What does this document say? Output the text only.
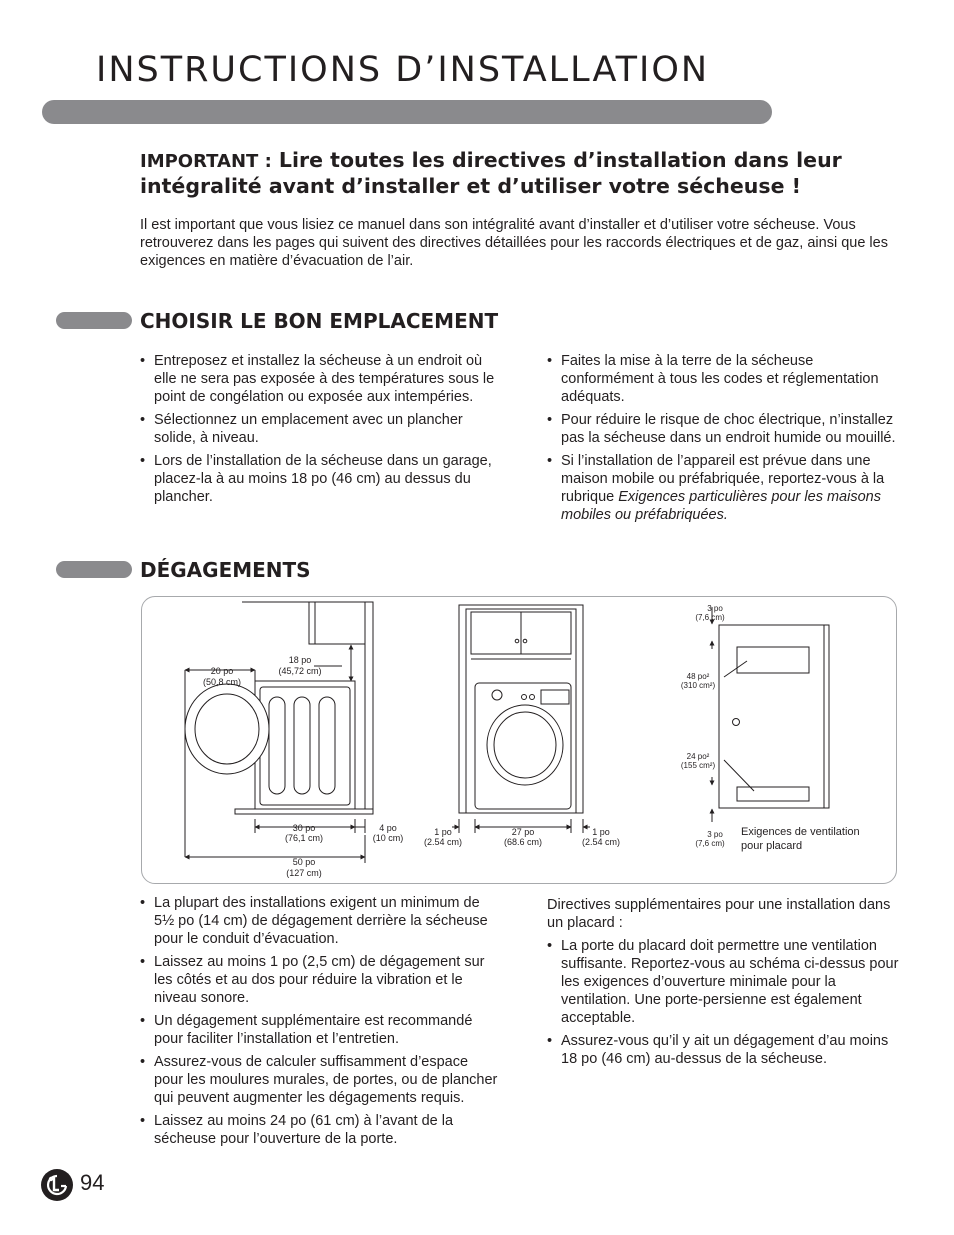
INSTRUCTIONS D’INSTALLATION
IMPORTANT : Lire toutes les directives d’installation dans leur intégralité avant d’installer et d’utiliser votre sécheuse !

Il est important que vous lisiez ce manuel dans son intégralité avant d’installer et d’utiliser votre sécheuse. Vous retrouverez dans les pages qui suivent des directives détaillées pour les raccords électriques et de gaz, ainsi que les exigences en matière d’évacuation de l’air.

CHOISIR LE BON EMPLACEMENT
• Entreposez et installez la sécheuse à un endroit où elle ne sera pas exposée à des températures sous le point de congélation ou exposée aux intempéries.
• Sélectionnez un emplacement avec un plancher solide, à niveau.
• Lors de l’installation de la sécheuse dans un garage, placez-la à au moins 18 po (46 cm) au dessus du plancher.
• Faites la mise à la terre de la sécheuse conformément à tous les codes et réglementation adéquats.
• Pour réduire le risque de choc électrique, n’installez pas la sécheuse dans un endroit humide ou mouillé.
• Si l’installation de l’appareil est prévue dans une maison mobile ou préfabriquée, reportez-vous à la rubrique Exigences particulières pour les maisons mobiles ou préfabriquées.
DÉGAGEMENTS
20 po
(50,8 cm)
18 po
(45,72 cm)
30 po
(76,1 cm)
4 po
(10 cm)
50 po
(127 cm)
1 po
(2.54 cm)
27 po
(68.6 cm)
1 po
(2.54 cm)
3 po
(7,6 cm)
48 po²
(310 cm²)
24 po²
(155 cm²)
3 po
(7,6 cm)
Exigences de ventilation
pour placard
• La plupart des installations exigent un minimum de 5½ po (14 cm) de dégagement derrière la sécheuse pour le conduit d’évacuation.
• Laissez au moins 1 po (2,5 cm) de dégagement sur les côtés et au dos pour réduire la vibration et le niveau sonore.
• Un dégagement supplémentaire est recommandé pour faciliter l’installation et l’entretien.
• Assurez-vous de calculer suffisamment d’espace pour les moulures murales, de portes, ou de plancher qui peuvent augmenter les dégagements requis.
• Laissez au moins 24 po (61 cm) à l’avant de la sécheuse pour l’ouverture de la porte.

Directives supplémentaires pour une installation dans un placard :

• La porte du placard doit permettre une ventilation suffisante. Reportez-vous au schéma ci-dessus pour les exigences d’ouverture minimale pour la ventilation. Une porte-persienne est également acceptable.
• Assurez-vous qu’il y ait un dégagement d’au moins 18 po (46 cm) au-dessus de la sécheuse.
94
